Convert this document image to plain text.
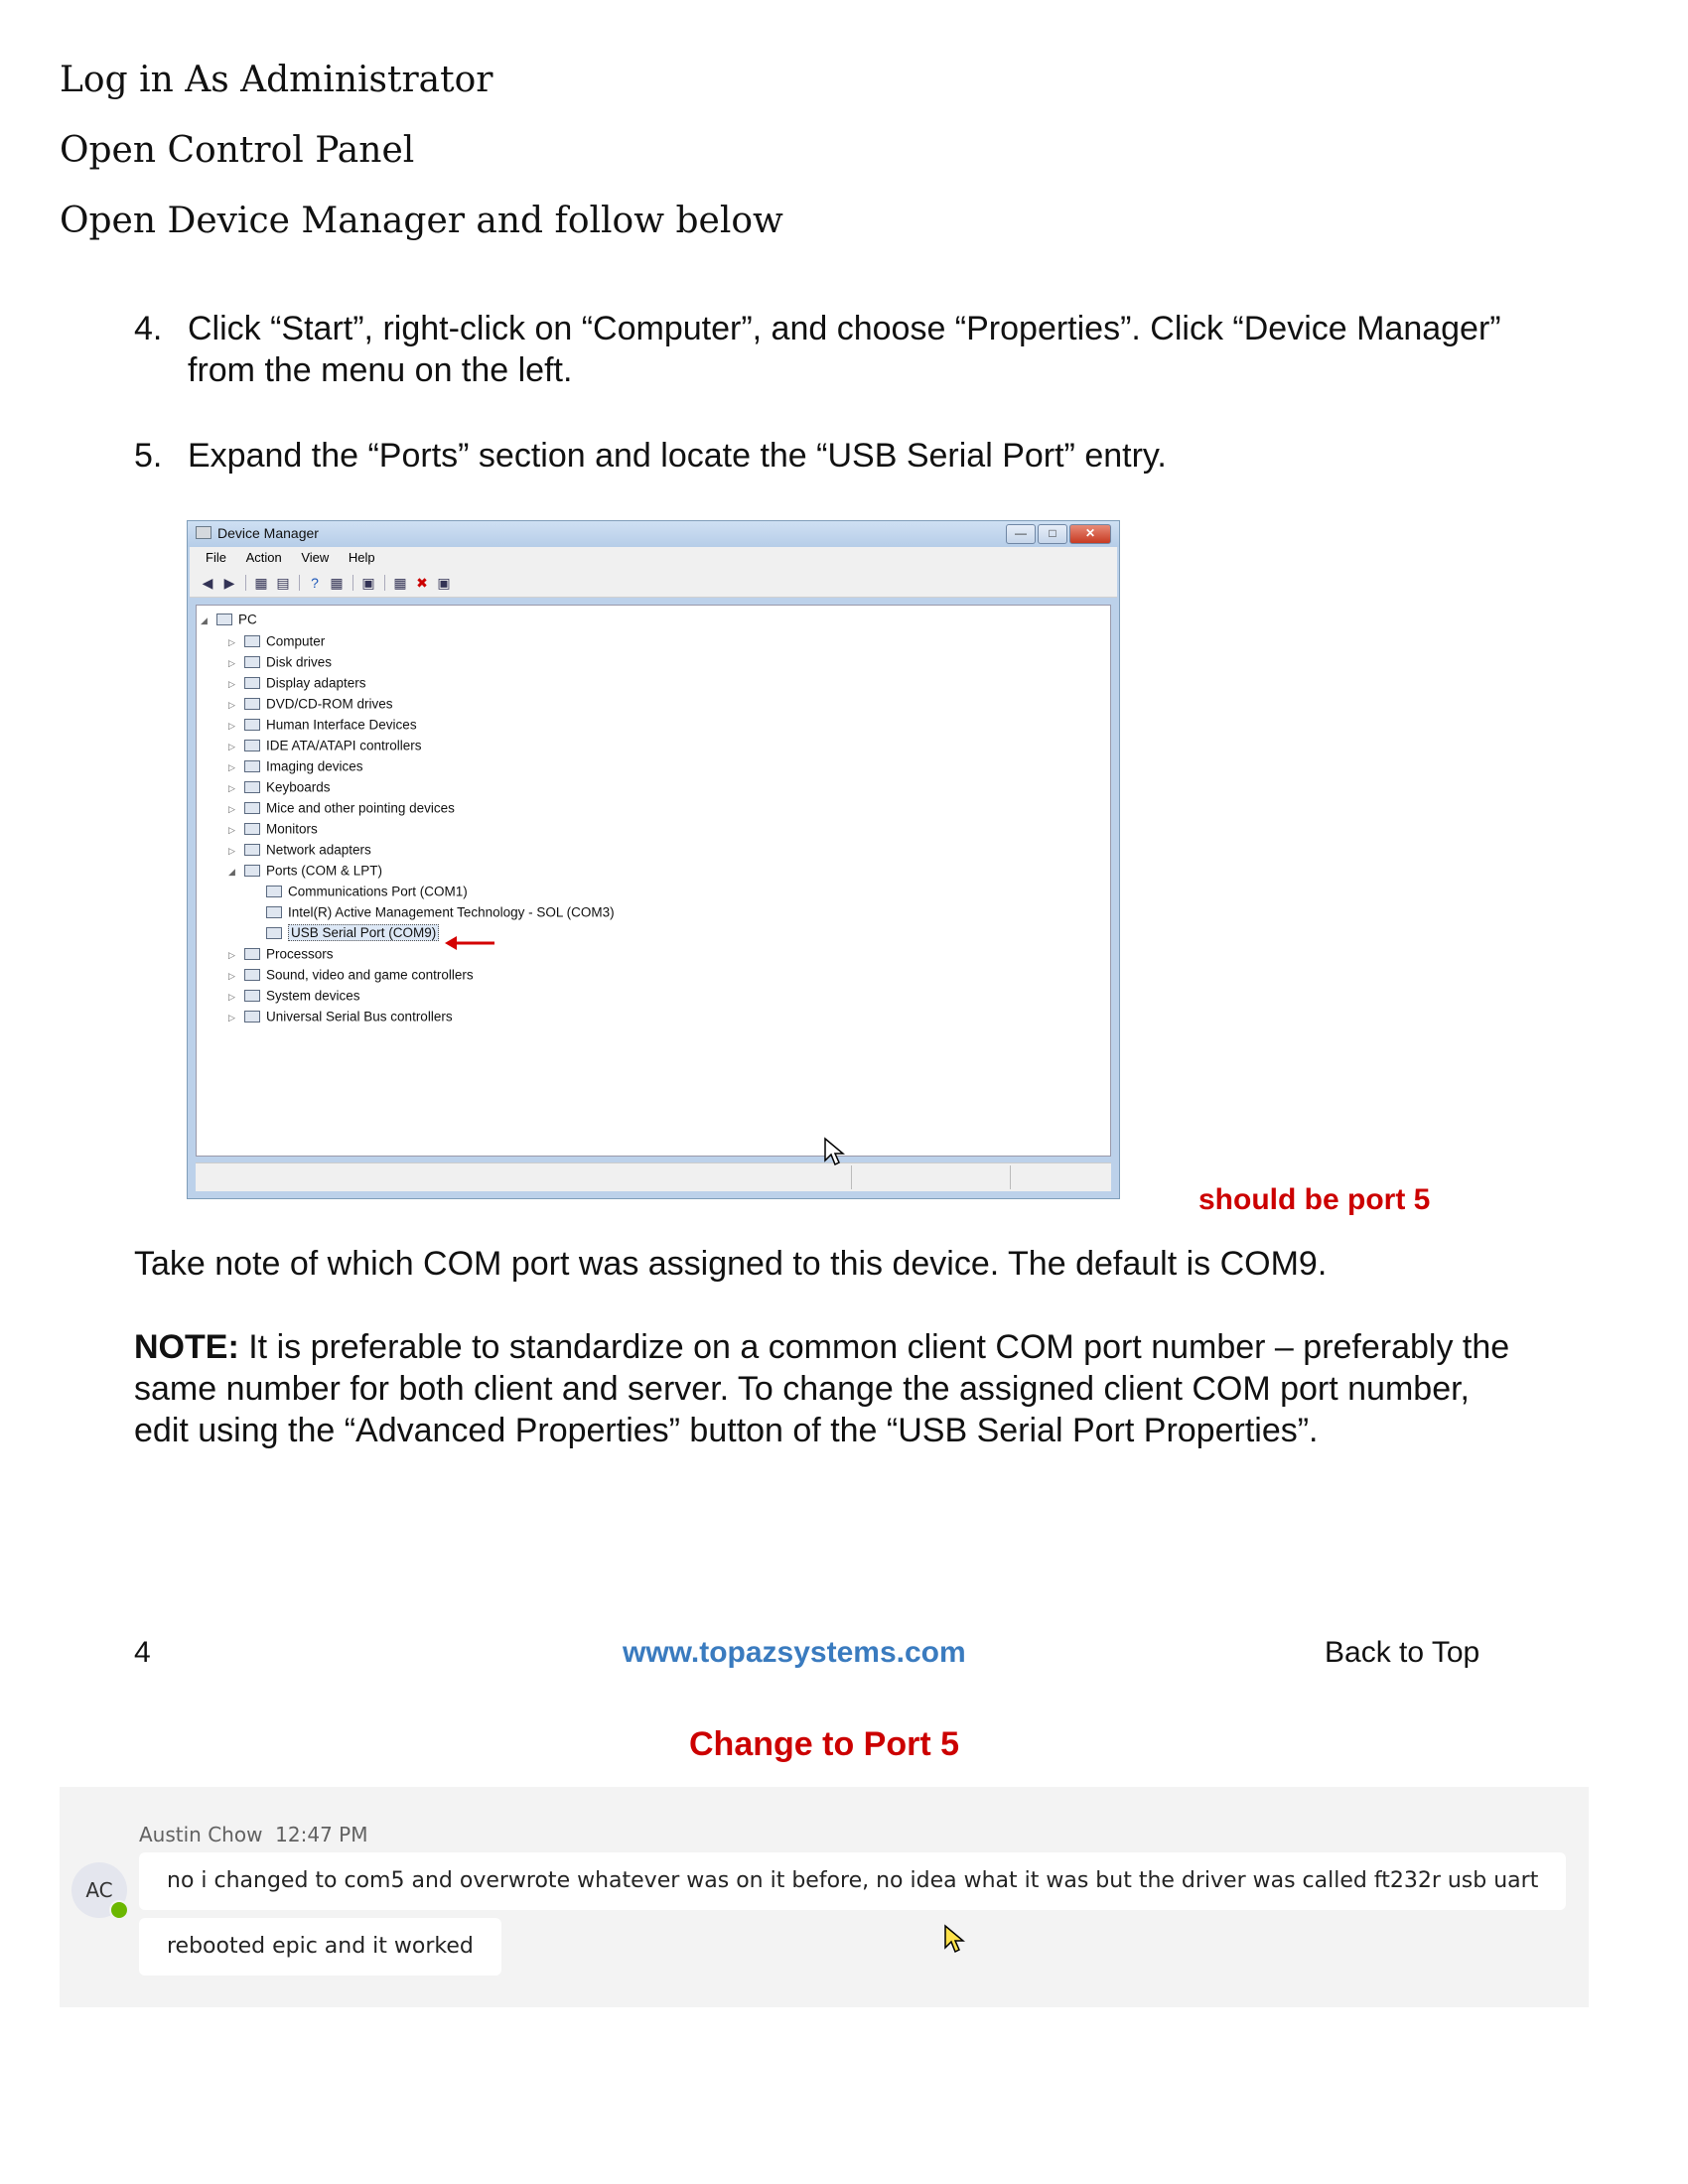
Log in As Administrator
Open Control Panel
Open Device Manager and follow below
4. Click “Start”, right-click on “Computer”, and choose “Properties”. Click “Device Manager”
from the menu on the left.
5. Expand the “Ports” section and locate the “USB Serial Port” entry.
Device Manager	—	□	✕
File Action View Help
◀ ▶ ▦ ▤ ? ▦ ▣ ▦ ✖ ▣
◢ PC
▷ Computer
▷ Disk drives
▷ Display adapters
▷ DVD/CD-ROM drives
▷ Human Interface Devices
▷ IDE ATA/ATAPI controllers
▷ Imaging devices
▷ Keyboards
▷ Mice and other pointing devices
▷ Monitors
▷ Network adapters
◢ Ports (COM & LPT)
Communications Port (COM1)
Intel(R) Active Management Technology - SOL (COM3)
USB Serial Port (COM9)
▷ Processors
▷ Sound, video and game controllers
▷ System devices
▷ Universal Serial Bus controllers
should be port 5
Take note of which COM port was assigned to this device. The default is COM9.
NOTE: It is preferable to standardize on a common client COM port number – preferably the
same number for both client and server. To change the assigned client COM port number,
edit using the “Advanced Properties” button of the “USB Serial Port Properties”.
4	www.topazsystems.com	Back to Top
Change to Port 5
Austin Chow 12:47 PM
AC	no i changed to com5 and overwrote whatever was on it before, no idea what it was but the driver was called ft232r usb uart
rebooted epic and it worked
